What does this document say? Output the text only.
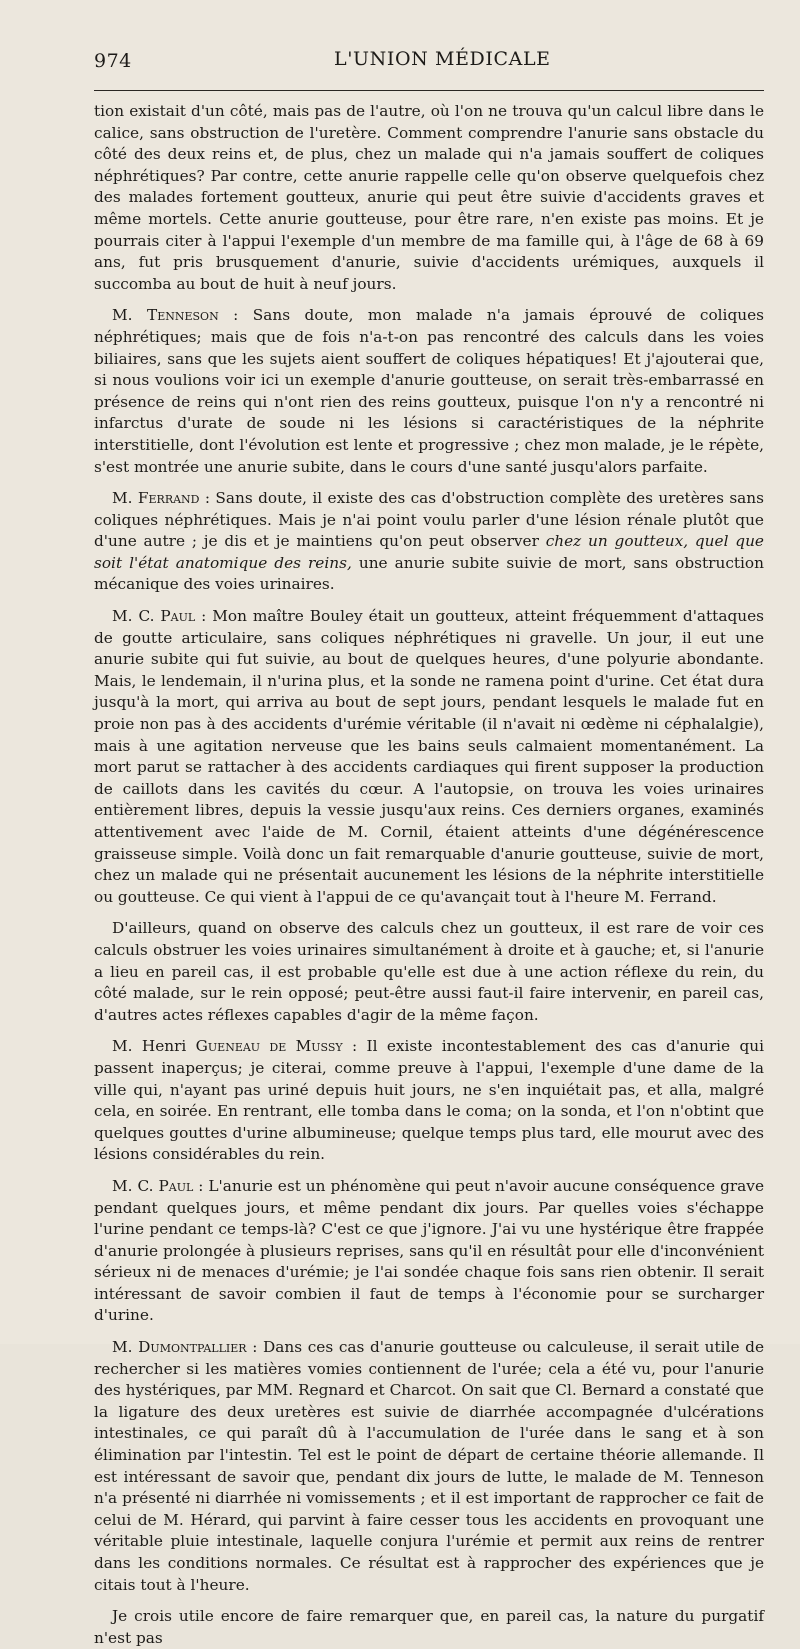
974	L'UNION MÉDICALE

tion existait d'un côté, mais pas de l'autre, où l'on ne trouva qu'un calcul libre dans le calice, sans obstruction de l'uretère. Comment comprendre l'anurie sans obstacle du côté des deux reins et, de plus, chez un malade qui n'a jamais souffert de coliques néphrétiques? Par contre, cette anurie rappelle celle qu'on observe quelquefois chez des malades fortement goutteux, anurie qui peut être suivie d'accidents graves et même mortels. Cette anurie goutteuse, pour être rare, n'en existe pas moins. Et je pourrais citer à l'appui l'exemple d'un membre de ma famille qui, à l'âge de 68 à 69 ans, fut pris brusquement d'anurie, suivie d'accidents urémiques, auxquels il succomba au bout de huit à neuf jours.

M. Tenneson : Sans doute, mon malade n'a jamais éprouvé de coliques néphrétiques; mais que de fois n'a-t-on pas rencontré des calculs dans les voies biliaires, sans que les sujets aient souffert de coliques hépatiques! Et j'ajouterai que, si nous voulions voir ici un exemple d'anurie goutteuse, on serait très-embarrassé en présence de reins qui n'ont rien des reins goutteux, puisque l'on n'y a rencontré ni infarctus d'urate de soude ni les lésions si caractéristiques de la néphrite interstitielle, dont l'évolution est lente et progressive ; chez mon malade, je le répète, s'est montrée une anurie subite, dans le cours d'une santé jusqu'alors parfaite.

M. Ferrand : Sans doute, il existe des cas d'obstruction complète des uretères sans coliques néphrétiques. Mais je n'ai point voulu parler d'une lésion rénale plutôt que d'une autre ; je dis et je maintiens qu'on peut observer chez un goutteux, quel que soit l'état anatomique des reins, une anurie subite suivie de mort, sans obstruction mécanique des voies urinaires.

M. C. Paul : Mon maître Bouley était un goutteux, atteint fréquemment d'attaques de goutte articulaire, sans coliques néphrétiques ni gravelle. Un jour, il eut une anurie subite qui fut suivie, au bout de quelques heures, d'une polyurie abondante. Mais, le lendemain, il n'urina plus, et la sonde ne ramena point d'urine. Cet état dura jusqu'à la mort, qui arriva au bout de sept jours, pendant lesquels le malade fut en proie non pas à des accidents d'urémie véritable (il n'avait ni œdème ni céphalalgie), mais à une agitation nerveuse que les bains seuls calmaient momentanément. La mort parut se rattacher à des accidents cardiaques qui firent supposer la production de caillots dans les cavités du cœur. A l'autopsie, on trouva les voies urinaires entièrement libres, depuis la vessie jusqu'aux reins. Ces derniers organes, examinés attentivement avec l'aide de M. Cornil, étaient atteints d'une dégénérescence graisseuse simple. Voilà donc un fait remarquable d'anurie goutteuse, suivie de mort, chez un malade qui ne présentait aucunement les lésions de la néphrite interstitielle ou goutteuse. Ce qui vient à l'appui de ce qu'avançait tout à l'heure M. Ferrand.

D'ailleurs, quand on observe des calculs chez un goutteux, il est rare de voir ces calculs obstruer les voies urinaires simultanément à droite et à gauche; et, si l'anurie a lieu en pareil cas, il est probable qu'elle est due à une action réflexe du rein, du côté malade, sur le rein opposé; peut-être aussi faut-il faire intervenir, en pareil cas, d'autres actes réflexes capables d'agir de la même façon.

M. Henri Gueneau de Mussy : Il existe incontestablement des cas d'anurie qui passent inaperçus; je citerai, comme preuve à l'appui, l'exemple d'une dame de la ville qui, n'ayant pas uriné depuis huit jours, ne s'en inquiétait pas, et alla, malgré cela, en soirée. En rentrant, elle tomba dans le coma; on la sonda, et l'on n'obtint que quelques gouttes d'urine albumineuse; quelque temps plus tard, elle mourut avec des lésions considérables du rein.

M. C. Paul : L'anurie est un phénomène qui peut n'avoir aucune conséquence grave pendant quelques jours, et même pendant dix jours. Par quelles voies s'échappe l'urine pendant ce temps-là? C'est ce que j'ignore. J'ai vu une hystérique être frappée d'anurie prolongée à plusieurs reprises, sans qu'il en résultât pour elle d'inconvénient sérieux ni de menaces d'urémie; je l'ai sondée chaque fois sans rien obtenir. Il serait intéressant de savoir combien il faut de temps à l'économie pour se surcharger d'urine.

M. Dumontpallier : Dans ces cas d'anurie goutteuse ou calculeuse, il serait utile de rechercher si les matières vomies contiennent de l'urée; cela a été vu, pour l'anurie des hystériques, par MM. Regnard et Charcot. On sait que Cl. Bernard a constaté que la ligature des deux uretères est suivie de diarrhée accompagnée d'ulcérations intestinales, ce qui paraît dû à l'accumulation de l'urée dans le sang et à son élimination par l'intestin. Tel est le point de départ de certaine théorie allemande. Il est intéressant de savoir que, pendant dix jours de lutte, le malade de M. Tenneson n'a présenté ni diarrhée ni vomissements ; et il est important de rapprocher ce fait de celui de M. Hérard, qui parvint à faire cesser tous les accidents en provoquant une véritable pluie intestinale, laquelle conjura l'urémie et permit aux reins de rentrer dans les conditions normales. Ce résultat est à rapprocher des expériences que je citais tout à l'heure.

Je crois utile encore de faire remarquer que, en pareil cas, la nature du purgatif n'est pas
